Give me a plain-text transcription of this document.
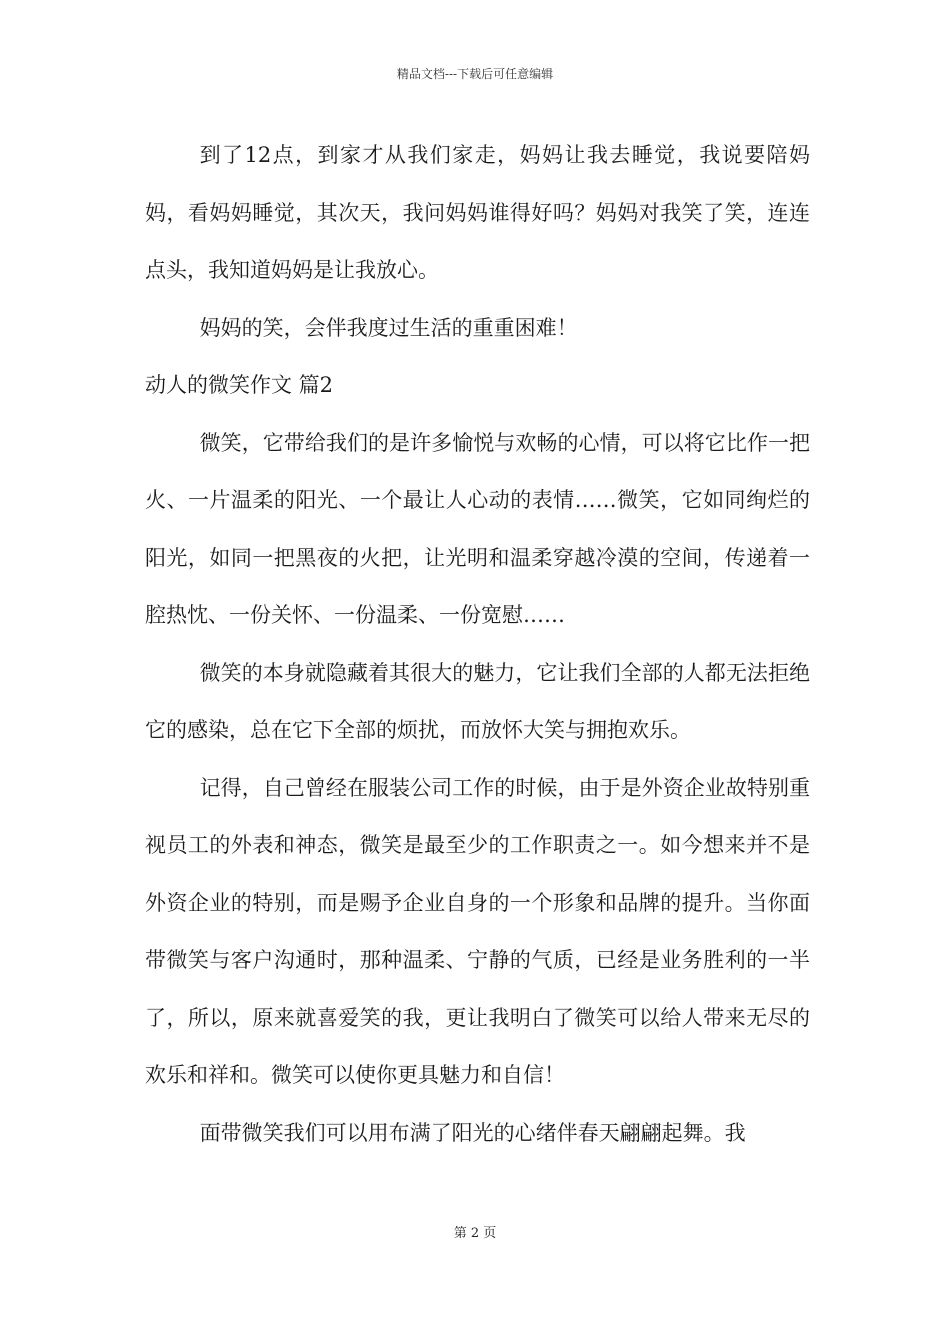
精品文档---下载后可任意编辑

到了12点，到家才从我们家走，妈妈让我去睡觉，我说要陪妈妈，看妈妈睡觉，其次天，我问妈妈谁得好吗？妈妈对我笑了笑，连连点头，我知道妈妈是让我放心。

妈妈的笑，会伴我度过生活的重重困难！

动人的微笑作文 篇2

微笑，它带给我们的是许多愉悦与欢畅的心情，可以将它比作一把火、一片温柔的阳光、一个最让人心动的表情……微笑，它如同绚烂的阳光，如同一把黑夜的火把，让光明和温柔穿越冷漠的空间，传递着一腔热忱、一份关怀、一份温柔、一份宽慰……

微笑的本身就隐藏着其很大的魅力，它让我们全部的人都无法拒绝它的感染，总在它下全部的烦扰，而放怀大笑与拥抱欢乐。

记得，自己曾经在服装公司工作的时候，由于是外资企业故特别重视员工的外表和神态，微笑是最至少的工作职责之一。如今想来并不是外资企业的特别，而是赐予企业自身的一个形象和品牌的提升。当你面带微笑与客户沟通时，那种温柔、宁静的气质，已经是业务胜利的一半了，所以，原来就喜爱笑的我，更让我明白了微笑可以给人带来无尽的欢乐和祥和。微笑可以使你更具魅力和自信！

面带微笑我们可以用布满了阳光的心绪伴春天翩翩起舞。我

第 2 页
